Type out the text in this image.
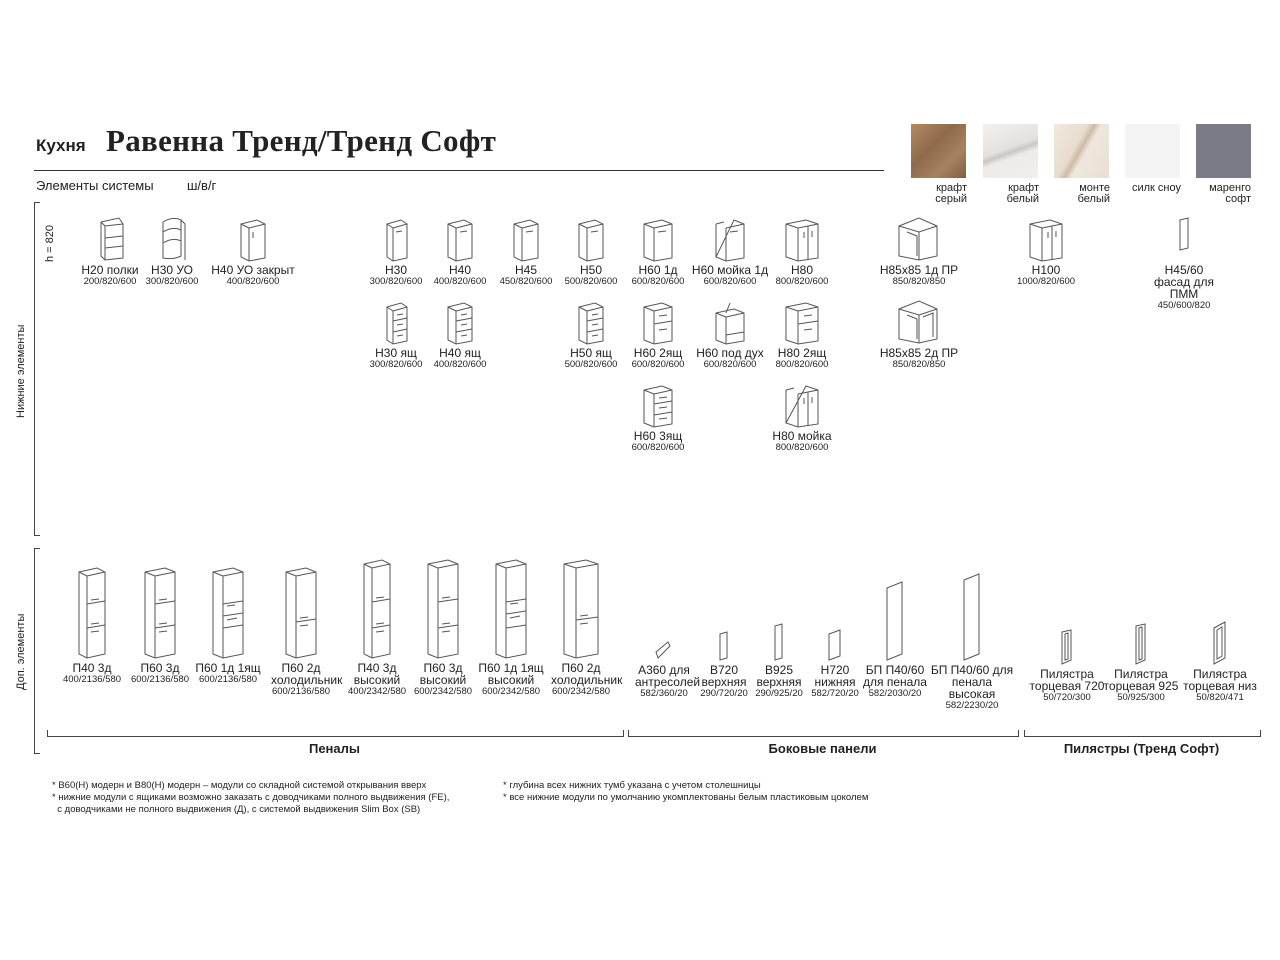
Кухня Равенна Тренд/Тренд Софт
Элементы системы	ш/в/г	крафт серый
крафт белый
монте белый
силк сноу	маренго софт
h = 820
Нижние элементы
Доп. элементы
Н20 полки
200/820/600
Н30 УО
300/820/600
Н40 УО закрыт
400/820/600
Н30
300/820/600
Н40
400/820/600
Н45
450/820/600
Н50
500/820/600
Н60 1д
600/820/600
Н60 мойка 1д
600/820/600
Н80
800/820/600
Н85х85 1д ПР
850/820/850
Н100
1000/820/600
Н45/60 фасад для ПММ
450/600/820
Н30 ящ
300/820/600
Н40 ящ
400/820/600
Н50 ящ
500/820/600
Н60 2ящ
600/820/600
Н60 под дух
600/820/600
Н80 2ящ
800/820/600
Н85х85 2д ПР
850/820/850
Н60 3ящ
600/820/600
Н80 мойка
800/820/600
П40 3д
400/2136/580
П60 3д
600/2136/580
П60 1д 1ящ
600/2136/580
П60 2д холодильник
600/2136/580
П40 3д высокий
400/2342/580
П60 3д высокий
600/2342/580
П60 1д 1ящ высокий
600/2342/580
П60 2д холодильник
600/2342/580
А360 для антресолей
582/360/20
В720 верхняя
290/720/20
В925 верхняя
290/925/20
Н720 нижняя
582/720/20
БП П40/60 для пенала
582/2030/20
БП П40/60 для пенала высокая
582/2230/20
Пилястра торцевая 720
50/720/300
Пилястра торцевая 925
50/925/300
Пилястра торцевая низ
50/820/471
Пеналы	Боковые панели	Пилястры (Тренд Софт)
* В60(Н) модерн и В80(Н) модерн – модули со складной системой открывания вверх
* нижние модули с ящиками возможно заказать с доводчиками полного выдвижения (FE),
с доводчиками не полного выдвижения (Д), с системой выдвижения Slim Box (SB)
* глубина всех нижних тумб указана с учетом столешницы
* все нижние модули по умолчанию укомплектованы белым пластиковым цоколем
